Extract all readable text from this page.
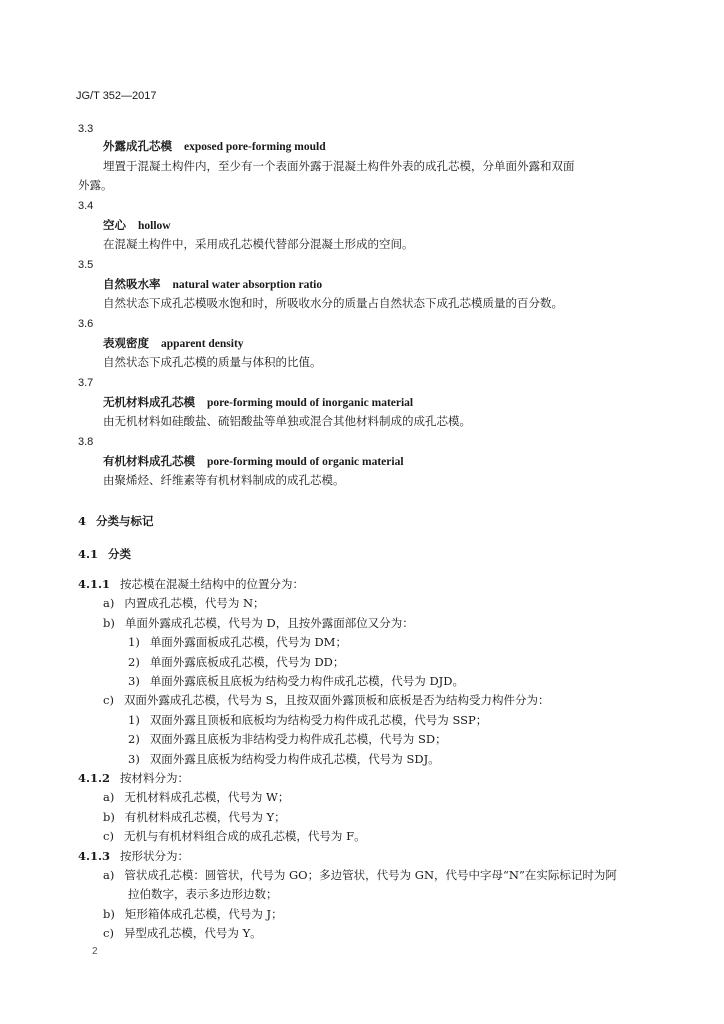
JG/T 352—2017
3.3
外露成孔芯模 exposed pore-forming mould
埋置于混凝土构件内，至少有一个表面外露于混凝土构件外表的成孔芯模，分单面外露和双面
外露。
3.4
空心 hollow
在混凝土构件中，采用成孔芯模代替部分混凝土形成的空间。
3.5
自然吸水率 natural water absorption ratio
自然状态下成孔芯模吸水饱和时，所吸收水分的质量占自然状态下成孔芯模质量的百分数。
3.6
表观密度 apparent density
自然状态下成孔芯模的质量与体积的比值。
3.7
无机材料成孔芯模 pore-forming mould of inorganic material
由无机材料如硅酸盐、硫铝酸盐等单独或混合其他材料制成的成孔芯模。
3.8
有机材料成孔芯模 pore-forming mould of organic material
由聚烯烃、纤维素等有机材料制成的成孔芯模。
4 分类与标记
4.1 分类
4.1.1 按芯模在混凝土结构中的位置分为：
a) 内置成孔芯模，代号为 N；
b) 单面外露成孔芯模，代号为 D，且按外露面部位又分为：
1) 单面外露面板成孔芯模，代号为 DM；
2) 单面外露底板成孔芯模，代号为 DD；
3) 单面外露底板且底板为结构受力构件成孔芯模，代号为 DJD。
c) 双面外露成孔芯模，代号为 S，且按双面外露顶板和底板是否为结构受力构件分为：
1) 双面外露且顶板和底板均为结构受力构件成孔芯模，代号为 SSP；
2) 双面外露且底板为非结构受力构件成孔芯模，代号为 SD；
3) 双面外露且底板为结构受力构件成孔芯模，代号为 SDJ。
4.1.2 按材料分为：
a) 无机材料成孔芯模，代号为 W；
b) 有机材料成孔芯模，代号为 Y；
c) 无机与有机材料组合成的成孔芯模，代号为 F。
4.1.3 按形状分为：
a) 管状成孔芯模：圆管状，代号为 GO；多边管状，代号为 GN，代号中字母“N”在实际标记时为阿
拉伯数字，表示多边形边数；
b) 矩形箱体成孔芯模，代号为 J；
c) 异型成孔芯模，代号为 Y。
2
